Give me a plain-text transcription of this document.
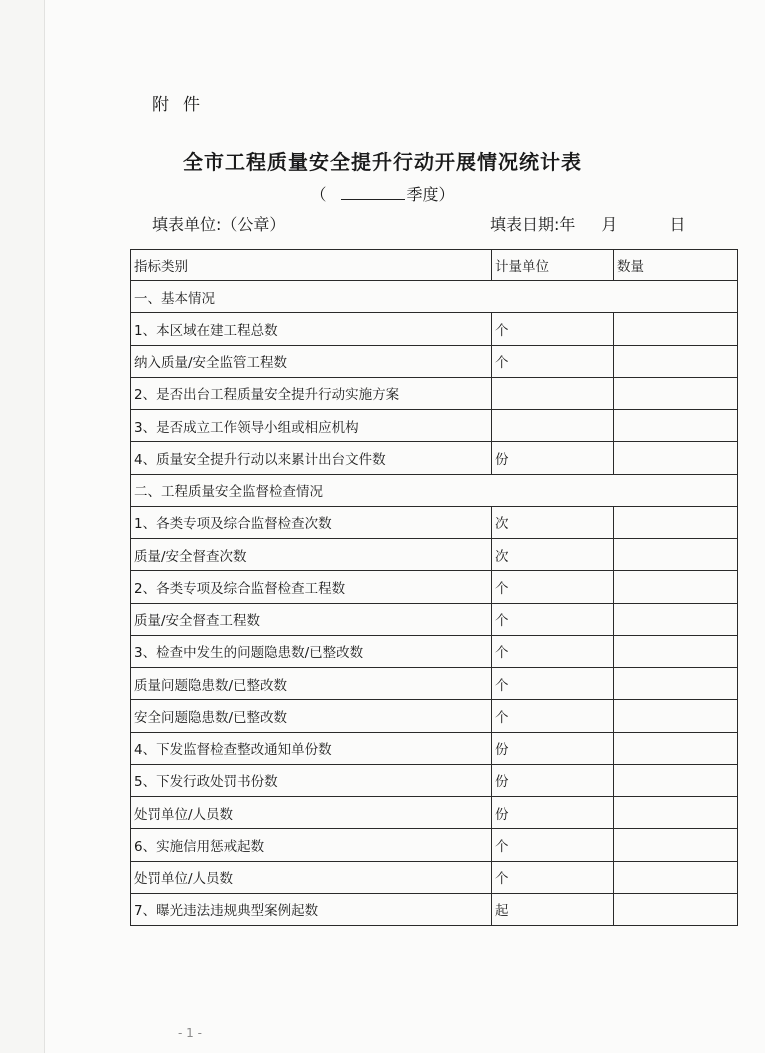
附件
全市工程质量安全提升行动开展情况统计表
（	季度）
填表单位:（公章）	填表日期:年 月	日
指标类别	计量单位	数量
一、基本情况		
1、本区域在建工程总数	个	
纳入质量/安全监管工程数	个	
2、是否出台工程质量安全提升行动实施方案		
3、是否成立工作领导小组或相应机构		
4、质量安全提升行动以来累计出台文件数	份	
二、工程质量安全监督检查情况		
1、各类专项及综合监督检查次数	次	
质量/安全督查次数	次	
2、各类专项及综合监督检查工程数	个	
质量/安全督查工程数	个	
3、检查中发生的问题隐患数/已整改数	个	
质量问题隐患数/已整改数	个	
安全问题隐患数/已整改数	个	
4、下发监督检查整改通知单份数	份	
5、下发行政处罚书份数	份	
处罚单位/人员数	份	
6、实施信用惩戒起数	个	
处罚单位/人员数	个	
7、曝光违法违规典型案例起数	起	
- 1 -
